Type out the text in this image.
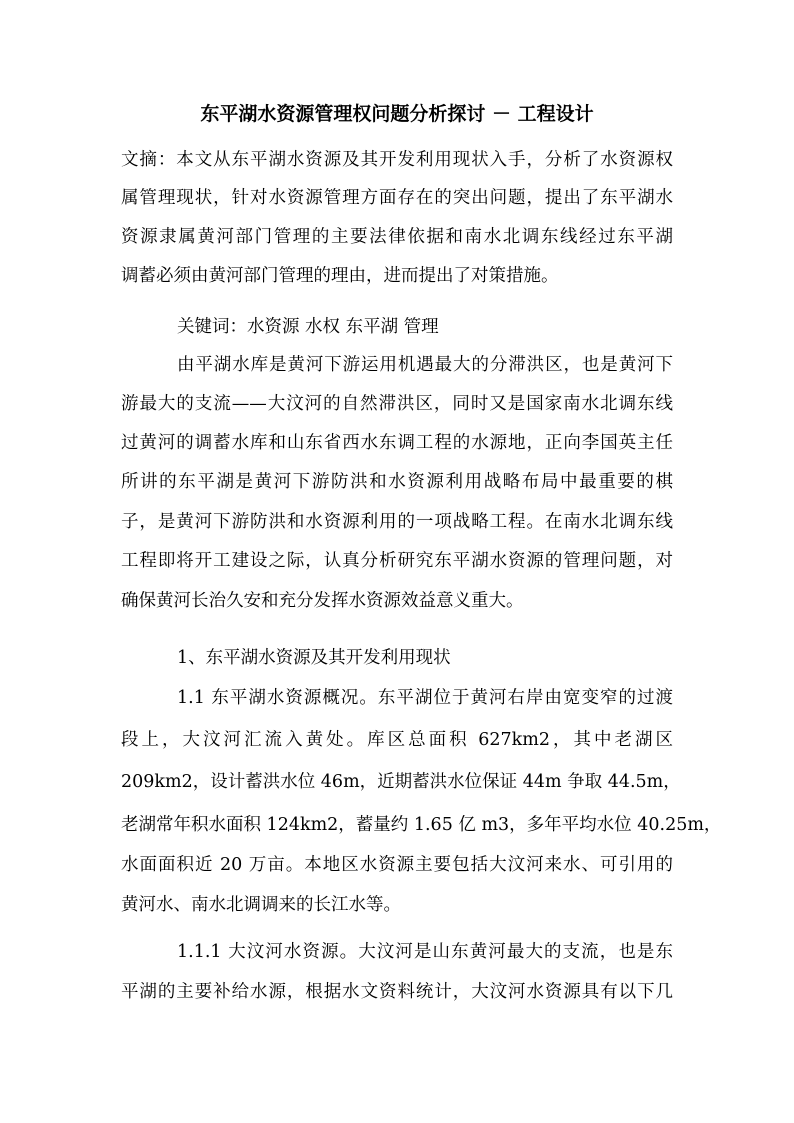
东平湖水资源管理权问题分析探讨 － 工程设计
文摘：本文从东平湖水资源及其开发利用现状入手，分析了水资源权
属管理现状，针对水资源管理方面存在的突出问题，提出了东平湖水
资源隶属黄河部门管理的主要法律依据和南水北调东线经过东平湖
调蓄必须由黄河部门管理的理由，进而提出了对策措施。
关键词：水资源 水权 东平湖 管理
由平湖水库是黄河下游运用机遇最大的分滞洪区，也是黄河下
游最大的支流——大汶河的自然滞洪区，同时又是国家南水北调东线
过黄河的调蓄水库和山东省西水东调工程的水源地，正向李国英主任
所讲的东平湖是黄河下游防洪和水资源利用战略布局中最重要的棋
子，是黄河下游防洪和水资源利用的一项战略工程。在南水北调东线
工程即将开工建设之际，认真分析研究东平湖水资源的管理问题，对
确保黄河长治久安和充分发挥水资源效益意义重大。
1、东平湖水资源及其开发利用现状
1.1 东平湖水资源概况。东平湖位于黄河右岸由宽变窄的过渡
段上，大汶河汇流入黄处。库区总面积 627km2，其中老湖区
209km2，设计蓄洪水位 46m，近期蓄洪水位保证 44m 争取 44.5m，
老湖常年积水面积 124km2，蓄量约 1.65 亿 m3，多年平均水位 40.25m，
水面面积近 20 万亩。本地区水资源主要包括大汶河来水、可引用的
黄河水、南水北调调来的长江水等。
1.1.1 大汶河水资源。大汶河是山东黄河最大的支流，也是东
平湖的主要补给水源，根据水文资料统计，大汶河水资源具有以下几
